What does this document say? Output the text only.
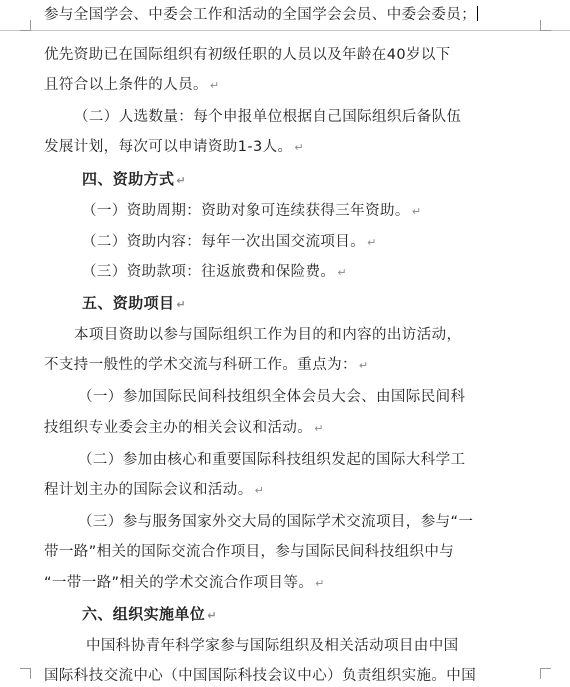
参与全国学会、中委会工作和活动的全国学会会员、中委会委员；
优先资助已在国际组织有初级任职的人员以及年龄在40岁以下
且符合以上条件的人员。 ↵
（二）人选数量：每个申报单位根据自己国际组织后备队伍
发展计划，每次可以申请资助1-3人。 ↵
四、资助方式 ↵
（一）资助周期：资助对象可连续获得三年资助。 ↵
（二）资助内容：每年一次出国交流项目。 ↵
（三）资助款项：往返旅费和保险费。 ↵
五、资助项目 ↵
本项目资助以参与国际组织工作为目的和内容的出访活动，
不支持一般性的学术交流与科研工作。重点为： ↵
（一）参加国际民间科技组织全体会员大会、由国际民间科
技组织专业委会主办的相关会议和活动。 ↵
（二）参加由核心和重要国际科技组织发起的国际大科学工
程计划主办的国际会议和活动。 ↵
（三）参与服务国家外交大局的国际学术交流项目，参与“一
带一路”相关的国际交流合作项目，参与国际民间科技组织中与
“一带一路”相关的学术交流合作项目等。 ↵
六、组织实施单位 ↵
中国科协青年科学家参与国际组织及相关活动项目由中国
国际科技交流中心（中国国际科技会议中心）负责组织实施。中国
